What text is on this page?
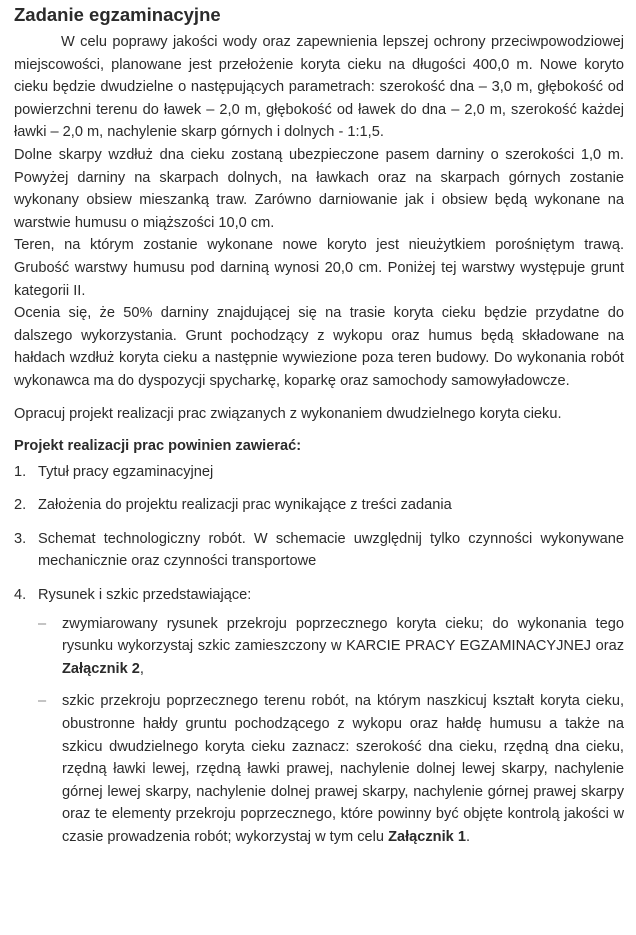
Zadanie egzaminacyjne

W celu poprawy jakości wody oraz zapewnienia lepszej ochrony przeciwpowodziowej miejscowości, planowane jest przełożenie koryta cieku na długości 400,0 m. Nowe koryto cieku będzie dwudzielne o następujących parametrach: szerokość dna – 3,0 m, głębokość od powierzchni terenu do ławek – 2,0 m, głębokość od ławek do dna – 2,0 m, szerokość każdej ławki – 2,0 m, nachylenie skarp górnych i dolnych - 1:1,5.

Dolne skarpy wzdłuż dna cieku zostaną ubezpieczone pasem darniny o szerokości 1,0 m. Powyżej darniny na skarpach dolnych, na ławkach oraz na skarpach górnych zostanie wykonany obsiew mieszanką traw. Zarówno darniowanie jak i obsiew będą wykonane na warstwie humusu o miąższości 10,0 cm.

Teren, na którym zostanie wykonane nowe koryto jest nieużytkiem porośniętym trawą. Grubość warstwy humusu pod darniną wynosi 20,0 cm. Poniżej tej warstwy występuje grunt kategorii II.

Ocenia się, że 50% darniny znajdującej się na trasie koryta cieku będzie przydatne do dalszego wykorzystania. Grunt pochodzący z wykopu oraz humus będą składowane na hałdach wzdłuż koryta cieku a następnie wywiezione poza teren budowy. Do wykonania robót wykonawca ma do dyspozycji spycharkę, koparkę oraz samochody samowyładowcze.

Opracuj projekt realizacji prac związanych z wykonaniem dwudzielnego koryta cieku.

Projekt realizacji prac powinien zawierać:

1. Tytuł pracy egzaminacyjnej
2. Założenia do projektu realizacji prac wynikające z treści zadania
3. Schemat technologiczny robót. W schemacie uwzględnij tylko czynności wykonywane mechanicznie oraz czynności transportowe
4. Rysunek i szkic przedstawiające:
–	zwymiarowany rysunek przekroju poprzecznego koryta cieku; do wykonania tego rysunku wykorzystaj szkic zamieszczony w KARCIE PRACY EGZAMINACYJNEJ oraz Załącznik 2,
–	szkic przekroju poprzecznego terenu robót, na którym naszkicuj kształt koryta cieku, obustronne hałdy gruntu pochodzącego z wykopu oraz hałdę humusu a także na szkicu dwudzielnego koryta cieku zaznacz: szerokość dna cieku, rzędną dna cieku, rzędną ławki lewej, rzędną ławki prawej, nachylenie dolnej lewej skarpy, nachylenie górnej lewej skarpy, nachylenie dolnej prawej skarpy, nachylenie górnej prawej skarpy oraz te elementy przekroju poprzecznego, które powinny być objęte kontrolą jakości w czasie prowadzenia robót; wykorzystaj w tym celu Załącznik 1.
